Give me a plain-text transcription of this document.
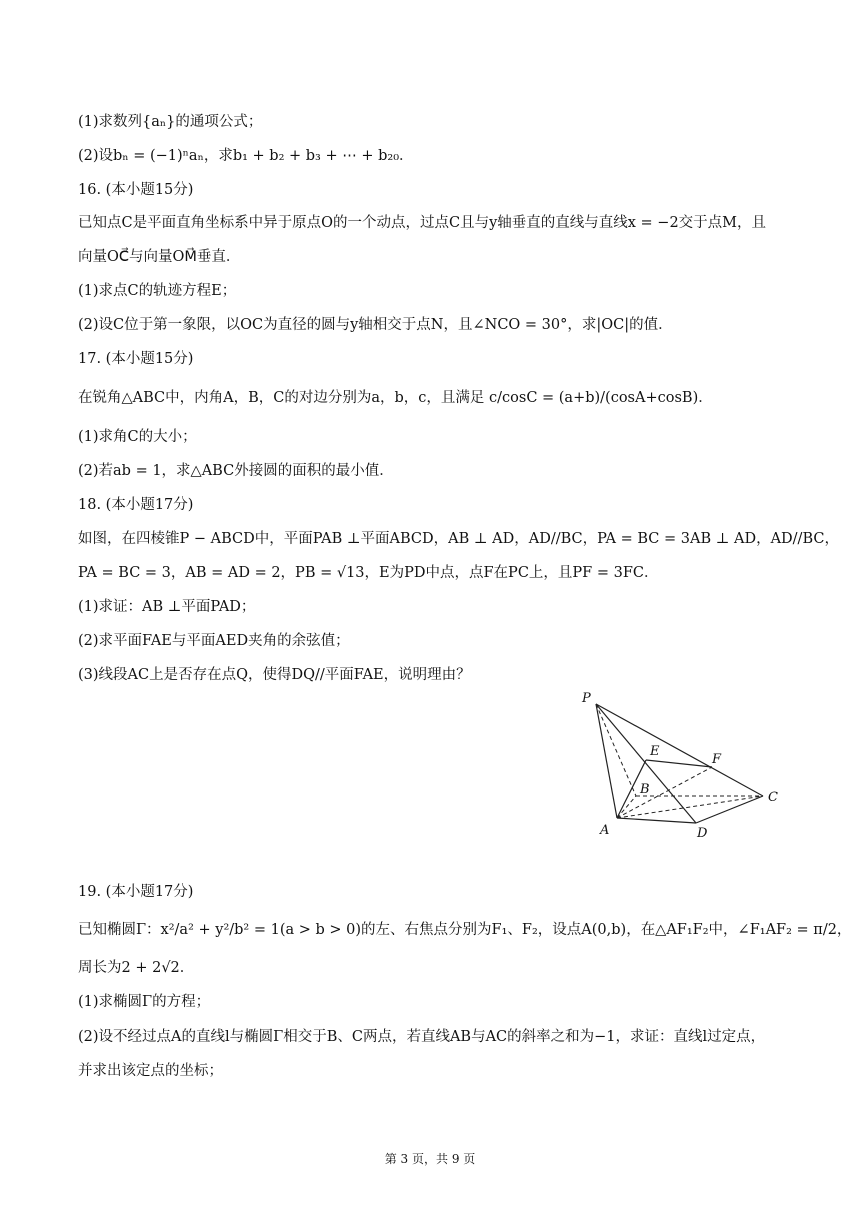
(1)求数列{aₙ}的通项公式；
(2)设bₙ = (−1)ⁿaₙ，求b₁ + b₂ + b₃ + ⋯ + b₂₀．
16. (本小题15分)
已知点C是平面直角坐标系中异于原点O的一个动点，过点C且与y轴垂直的直线与直线x = −2交于点M，且
向量OC⃗与向量OM⃗垂直．
(1)求点C的轨迹方程E；
(2)设C位于第一象限，以OC为直径的圆与y轴相交于点N，且∠NCO = 30°，求|OC|的值．
17. (本小题15分)
在锐角△ABC中，内角A，B，C的对边分别为a，b，c，且满足 c/cosC = (a+b)/(cosA+cosB)．
(1)求角C的大小；
(2)若ab = 1，求△ABC外接圆的面积的最小值．
18. (本小题17分)
如图，在四棱锥P − ABCD中，平面PAB ⊥平面ABCD，AB ⊥ AD，AD//BC，PA = BC = 3AB ⊥ AD，AD//BC，
PA = BC = 3，AB = AD = 2，PB = √13，E为PD中点，点F在PC上，且PF = 3FC．
(1)求证：AB ⊥平面PAD；
(2)求平面FAE与平面AED夹角的余弦值；
(3)线段AC上是否存在点Q，使得DQ//平面FAE，说明理由？
19. (本小题17分)
已知椭圆Γ：x²/a² + y²/b² = 1(a > b > 0)的左、右焦点分别为F₁、F₂，设点A(0,b)，在△AF₁F₂中，∠F₁AF₂ = π/2，
周长为2 + 2√2．
(1)求椭圆Γ的方程；
(2)设不经过点A的直线l与椭圆Γ相交于B、C两点，若直线AB与AC的斜率之和为−1，求证：直线l过定点，
并求出该定点的坐标；
P
E
F
B
C
A	D
第 3 页，共 9 页
